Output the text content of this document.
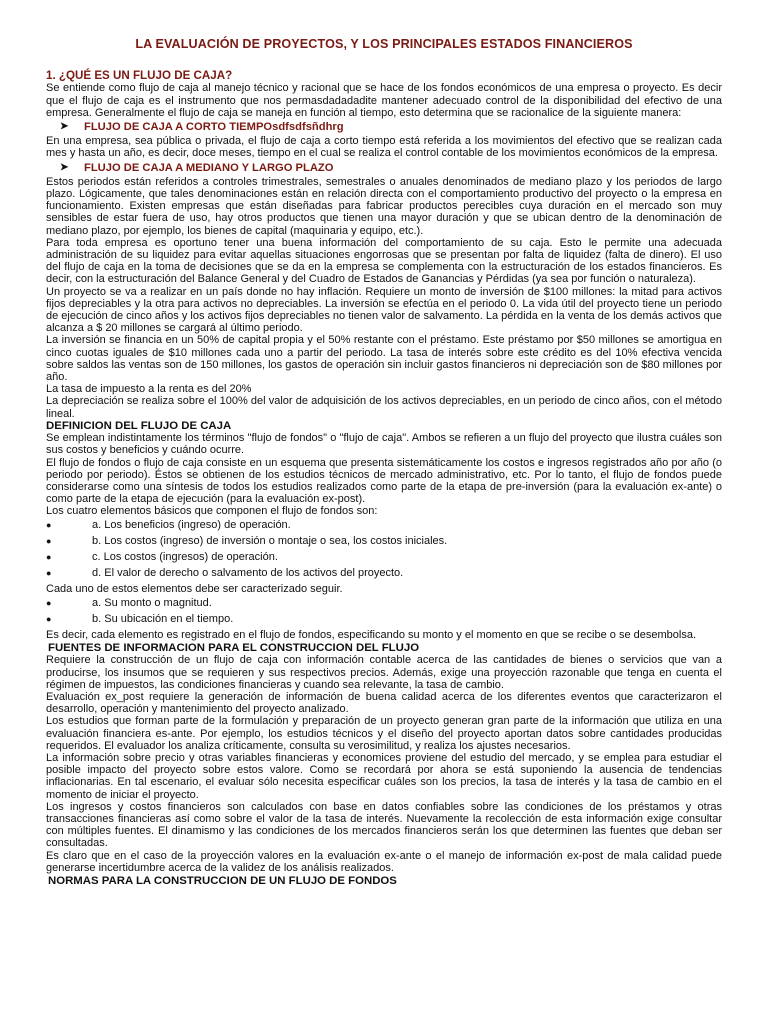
LA EVALUACIÓN DE PROYECTOS, Y LOS PRINCIPALES ESTADOS FINANCIEROS
1. ¿QUÉ ES UN FLUJO DE CAJA?
Se entiende como flujo de caja al manejo técnico y racional que se hace de los fondos económicos de una empresa o proyecto. Es decir que el flujo de caja es el instrumento que nos permasdadadadite mantener adecuado control de la disponibilidad del efectivo de una empresa. Generalmente el flujo de caja se maneja en función al tiempo, esto determina que se racionalice de la siguiente manera:
➤	FLUJO DE CAJA A CORTO TIEMPOsdfsdfsñdhrg
En una empresa, sea pública o privada, el flujo de caja a corto tiempo está referida a los movimientos del efectivo que se realizan cada mes y hasta un año, es decir, doce meses, tiempo en el cual se realiza el control contable de los movimientos económicos de la empresa.
➤	FLUJO DE CAJA A MEDIANO Y LARGO PLAZO
Estos periodos están referidos a controles trimestrales, semestrales o anuales denominados de mediano plazo y los periodos de largo plazo. Lógicamente, que tales denominaciones están en relación directa con el comportamiento productivo del proyecto o la empresa en funcionamiento. Existen empresas que están diseñadas para fabricar productos perecibles cuya duración en el mercado son muy sensibles de estar fuera de uso, hay otros productos que tienen una mayor duración y que se ubican dentro de la denominación de mediano plazo, por ejemplo, los bienes de capital (maquinaria y equipo, etc.).
Para toda empresa es oportuno tener una buena información del comportamiento de su caja. Esto le permite una adecuada administración de su liquidez para evitar aquellas situaciones engorrosas que se presentan por falta de liquidez (falta de dinero). El uso del flujo de caja en la toma de decisiones que se da en la empresa se complementa con la estructuración de los estados financieros. Es decir, con la estructuración del Balance General y del Cuadro de Estados de Ganancias y Pérdidas (ya sea por función o naturaleza).
Un proyecto se va a realizar en un país donde no hay inflación. Requiere un monto de inversión de $100 millones: la mitad para activos fijos depreciables y la otra para activos no depreciables. La inversión se efectúa en el periodo 0. La vida útil del proyecto tiene un periodo de ejecución de cinco años y los activos fijos depreciables no tienen valor de salvamento. La pérdida en la venta de los demás activos que alcanza a $ 20 millones se cargará al último periodo.
La inversión se financia en un 50% de capital propia y el 50% restante con el préstamo. Este préstamo por $50 millones se amortigua en cinco cuotas iguales de $10 millones cada uno a partir del periodo. La tasa de interés sobre este crédito es del 10% efectiva vencida sobre saldos las ventas son de 150 millones, los gastos de operación sin incluir gastos financieros ni depreciación son de $80 millones por año.
La tasa de impuesto a la renta es del 20%
La depreciación se realiza sobre el 100% del valor de adquisición de los activos depreciables, en un periodo de cinco años, con el método lineal.
DEFINICION DEL FLUJO DE CAJA
Se emplean indistintamente los términos "flujo de fondos" o "flujo de caja". Ambos se refieren a un flujo del proyecto que ilustra cuáles son sus costos y beneficios y cuándo ocurre.
El flujo de fondos o flujo de caja consiste en un esquema que presenta sistemáticamente los costos e ingresos registrados año por año (o periodo por periodo). Éstos se obtienen de los estudios técnicos de mercado administrativo, etc. Por lo tanto, el flujo de fondos puede considerarse como una síntesis de todos los estudios realizados como parte de la etapa de pre-inversión (para la evaluación ex-ante) o como parte de la etapa de ejecución (para la evaluación ex-post).
Los cuatro elementos básicos que componen el flujo de fondos son:
●	a. Los beneficios (ingreso) de operación.
●	b. Los costos (ingreso) de inversión o montaje o sea, los costos iniciales.
●	c. Los costos (ingresos) de operación.
●	d. El valor de derecho o salvamento de los activos del proyecto.
Cada uno de estos elementos debe ser caracterizado seguir.
●	a. Su monto o magnitud.
●	b. Su ubicación en el tiempo.
Es decir, cada elemento es registrado en el flujo de fondos, especificando su monto y el momento en que se recibe o se desembolsa.
FUENTES DE INFORMACION PARA EL CONSTRUCCION DEL FLUJO
Requiere la construcción de un flujo de caja con información contable acerca de las cantidades de bienes o servicios que van a producirse, los insumos que se requieren y sus respectivos precios. Además, exige una proyección razonable que tenga en cuenta el régimen de impuestos, las condiciones financieras y cuando sea relevante, la tasa de cambio.
Evaluación ex_post requiere la generación de información de buena calidad acerca de los diferentes eventos que caracterizaron el desarrollo, operación y mantenimiento del proyecto analizado.
Los estudios que forman parte de la formulación y preparación de un proyecto generan gran parte de la información que utiliza en una evaluación financiera es-ante. Por ejemplo, los estudios técnicos y el diseño del proyecto aportan datos sobre cantidades producidas requeridos. El evaluador los analiza críticamente, consulta su verosimilitud, y realiza los ajustes necesarios.
La información sobre precio y otras variables financieras y economices proviene del estudio del mercado, y se emplea para estudiar el posible impacto del proyecto sobre estos valore. Como se recordará por ahora se está suponiendo la ausencia de tendencias inflacionarias. En tal escenario, el evaluar sólo necesita especificar cuáles son los precios, la tasa de interés y la tasa de cambio en el momento de iniciar el proyecto.
Los ingresos y costos financieros son calculados con base en datos confiables sobre las condiciones de los préstamos y otras transacciones financieras así como sobre el valor de la tasa de interés. Nuevamente la recolección de esta información exige consultar con múltiples fuentes. El dinamismo y las condiciones de los mercados financieros serán los que determinen las fuentes que deban ser consultadas.
Es claro que en el caso de la proyección valores en la evaluación ex-ante o el manejo de información ex-post de mala calidad puede generarse incertidumbre acerca de la validez de los análisis realizados.
NORMAS PARA LA CONSTRUCCION DE UN FLUJO DE FONDOS
